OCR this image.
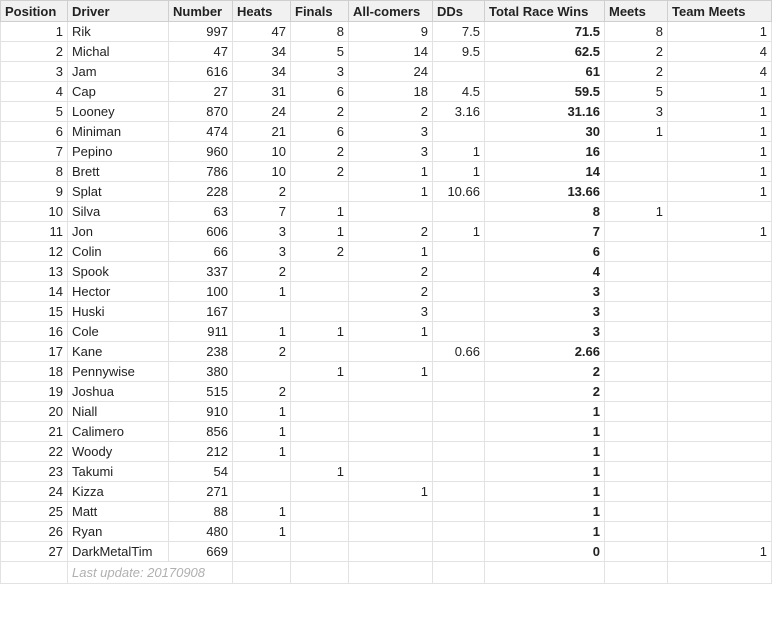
Position	Driver	Number	Heats	Finals	All-comers	DDs	Total Race Wins	Meets	Team Meets
1	Rik	997	47	8	9	7.5	71.5	8	1
2	Michal	47	34	5	14	9.5	62.5	2	4
3	Jam	616	34	3	24		61	2	4
4	Cap	27	31	6	18	4.5	59.5	5	1
5	Looney	870	24	2	2	3.16	31.16	3	1
6	Miniman	474	21	6	3		30	1	1
7	Pepino	960	10	2	3	1	16		1
8	Brett	786	10	2	1	1	14		1
9	Splat	228	2		1	10.66	13.66		1
10	Silva	63	7	1			8	1	
11	Jon	606	3	1	2	1	7		1
12	Colin	66	3	2	1		6		
13	Spook	337	2		2		4		
14	Hector	100	1		2		3		
15	Huski	167			3		3		
16	Cole	911	1	1	1		3		
17	Kane	238	2			0.66	2.66		
18	Pennywise	380		1	1		2		
19	Joshua	515	2				2		
20	Niall	910	1				1		
21	Calimero	856	1				1		
22	Woody	212	1				1		
23	Takumi	54		1			1		
24	Kizza	271			1		1		
25	Matt	88	1				1		
26	Ryan	480	1				1		
27	DarkMetalTim	669					0		1
	Last update: 20170908								
